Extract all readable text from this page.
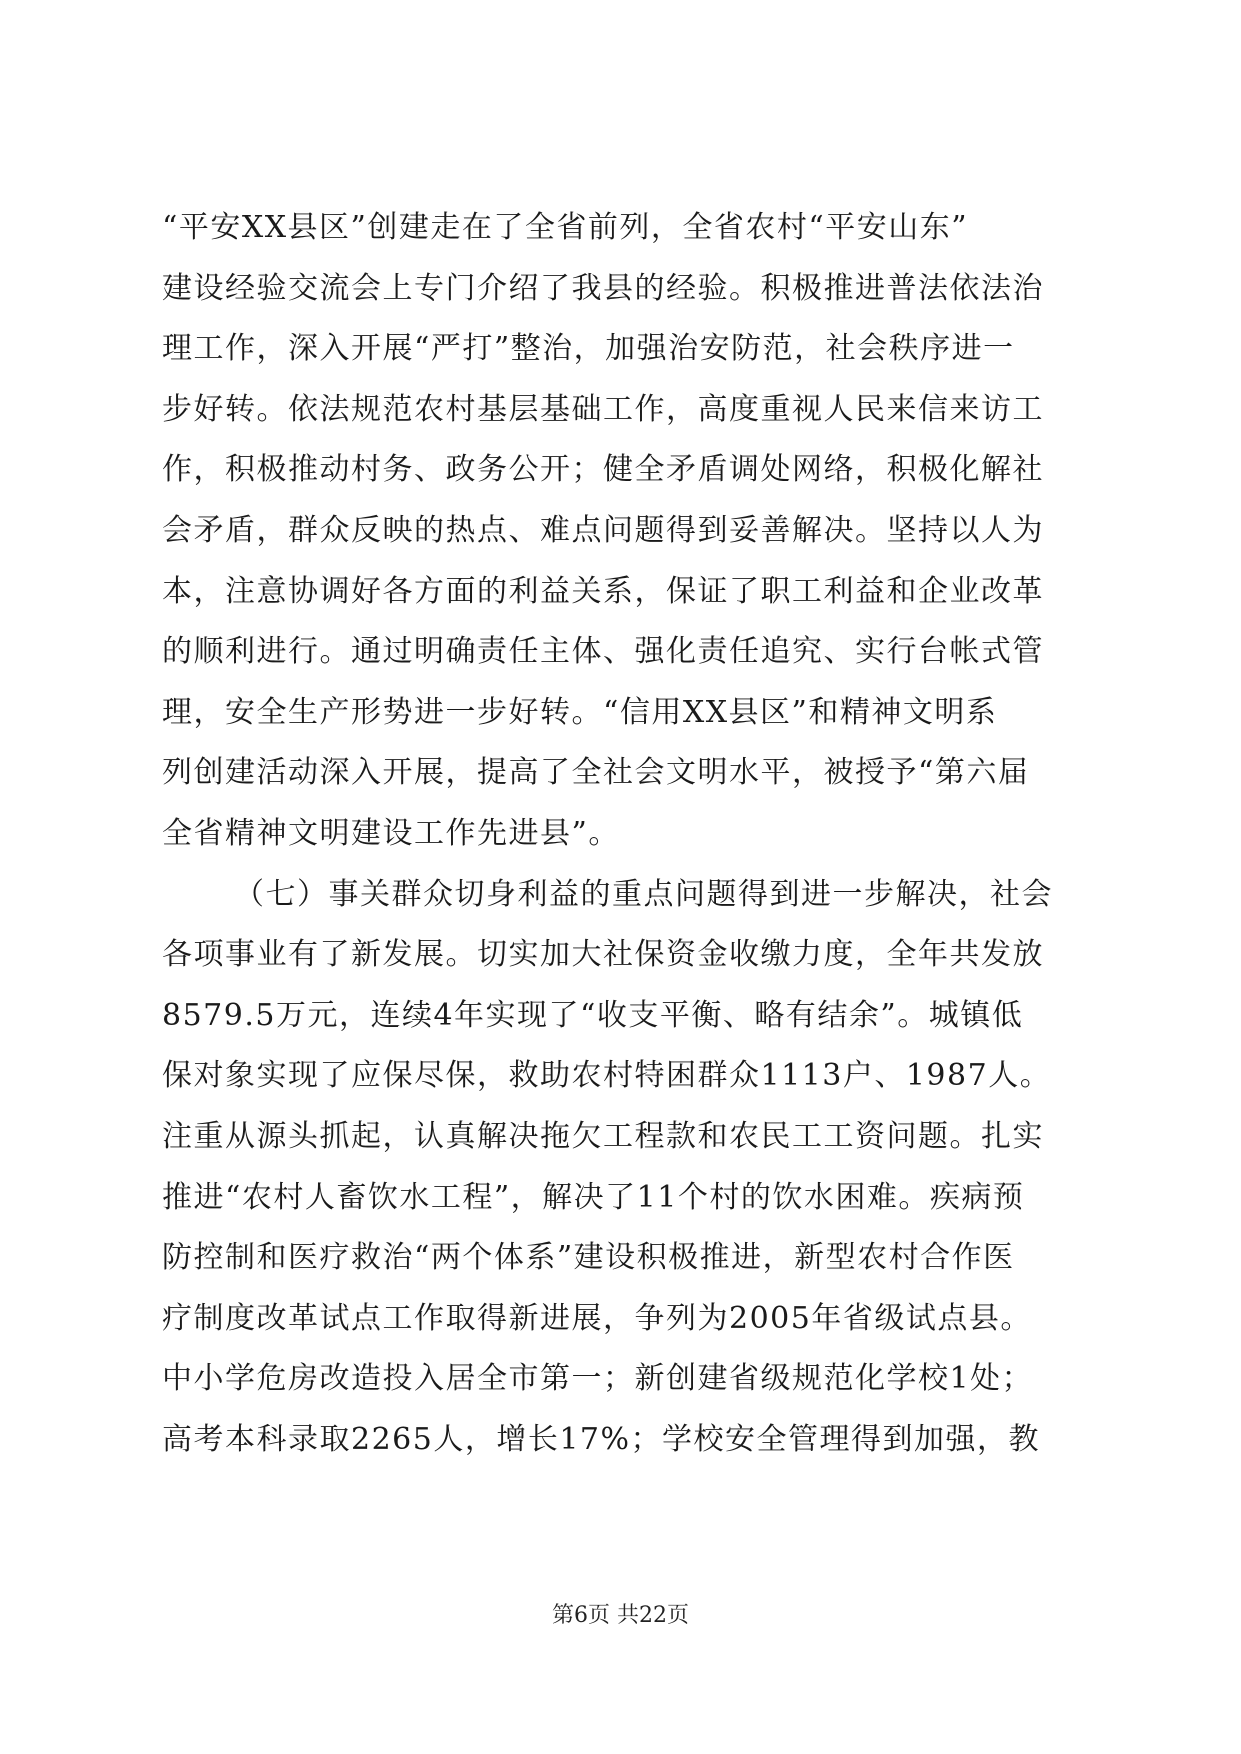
“平安XX县区”创建走在了全省前列，全省农村“平安山东”
建设经验交流会上专门介绍了我县的经验。积极推进普法依法治
理工作，深入开展“严打”整治，加强治安防范，社会秩序进一
步好转。依法规范农村基层基础工作，高度重视人民来信来访工
作，积极推动村务、政务公开；健全矛盾调处网络，积极化解社
会矛盾，群众反映的热点、难点问题得到妥善解决。坚持以人为
本，注意协调好各方面的利益关系，保证了职工利益和企业改革
的顺利进行。通过明确责任主体、强化责任追究、实行台帐式管
理，安全生产形势进一步好转。“信用XX县区”和精神文明系
列创建活动深入开展，提高了全社会文明水平，被授予“第六届
全省精神文明建设工作先进县”。
（七）事关群众切身利益的重点问题得到进一步解决，社会
各项事业有了新发展。切实加大社保资金收缴力度，全年共发放
8579.5万元，连续4年实现了“收支平衡、略有结余”。城镇低
保对象实现了应保尽保，救助农村特困群众1113户、1987人。
注重从源头抓起，认真解决拖欠工程款和农民工工资问题。扎实
推进“农村人畜饮水工程”，解决了11个村的饮水困难。疾病预
防控制和医疗救治“两个体系”建设积极推进，新型农村合作医
疗制度改革试点工作取得新进展，争列为2005年省级试点县。
中小学危房改造投入居全市第一；新创建省级规范化学校1处；
高考本科录取2265人，增长17%；学校安全管理得到加强，教
第6页 共22页
